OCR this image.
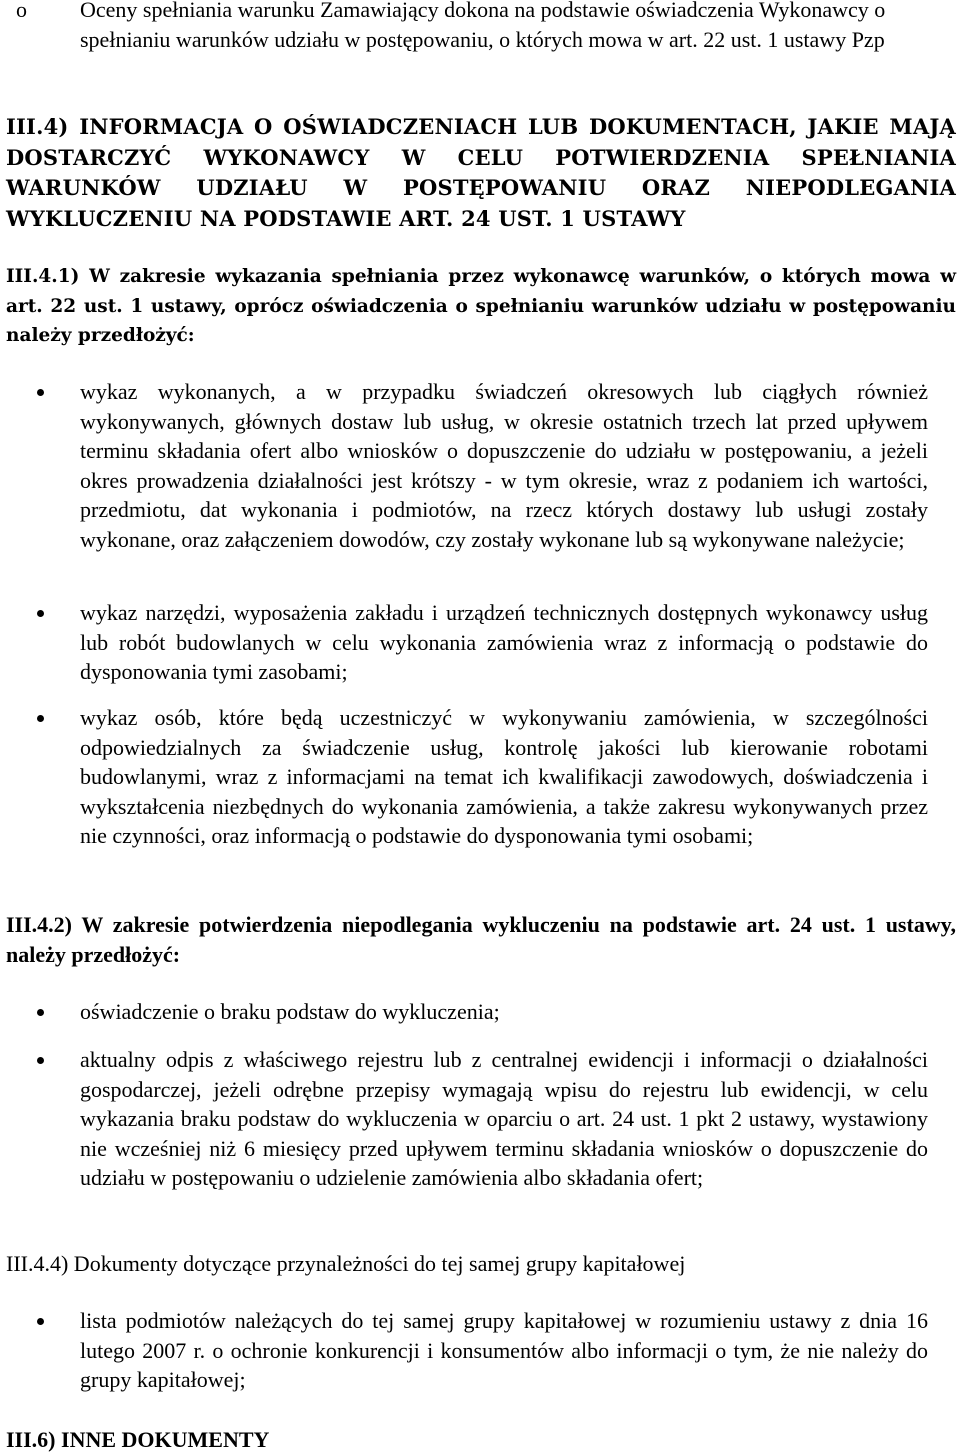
o Oceny spełniania warunku Zamawiający dokona na podstawie oświadczenia Wykonawcy o spełnianiu warunków udziału w postępowaniu, o których mowa w art. 22 ust. 1 ustawy Pzp

III.4) INFORMACJA O OŚWIADCZENIACH LUB DOKUMENTACH, JAKIE MAJĄ DOSTARCZYĆ WYKONAWCY W CELU POTWIERDZENIA SPEŁNIANIA WARUNKÓW UDZIAŁU W POSTĘPOWANIU ORAZ NIEPODLEGANIA WYKLUCZENIU NA PODSTAWIE ART. 24 UST. 1 USTAWY

III.4.1) W zakresie wykazania spełniania przez wykonawcę warunków, o których mowa w art. 22 ust. 1 ustawy, oprócz oświadczenia o spełnianiu warunków udziału w postępowaniu należy przedłożyć:

wykaz wykonanych, a w przypadku świadczeń okresowych lub ciągłych również wykonywanych, głównych dostaw lub usług, w okresie ostatnich trzech lat przed upływem terminu składania ofert albo wniosków o dopuszczenie do udziału w postępowaniu, a jeżeli okres prowadzenia działalności jest krótszy - w tym okresie, wraz z podaniem ich wartości, przedmiotu, dat wykonania i podmiotów, na rzecz których dostawy lub usługi zostały wykonane, oraz załączeniem dowodów, czy zostały wykonane lub są wykonywane należycie;

wykaz narzędzi, wyposażenia zakładu i urządzeń technicznych dostępnych wykonawcy usług lub robót budowlanych w celu wykonania zamówienia wraz z informacją o podstawie do dysponowania tymi zasobami;

wykaz osób, które będą uczestniczyć w wykonywaniu zamówienia, w szczególności odpowiedzialnych za świadczenie usług, kontrolę jakości lub kierowanie robotami budowlanymi, wraz z informacjami na temat ich kwalifikacji zawodowych, doświadczenia i wykształcenia niezbędnych do wykonania zamówienia, a także zakresu wykonywanych przez nie czynności, oraz informacją o podstawie do dysponowania tymi osobami;

III.4.2) W zakresie potwierdzenia niepodlegania wykluczeniu na podstawie art. 24 ust. 1 ustawy, należy przedłożyć:

oświadczenie o braku podstaw do wykluczenia;

aktualny odpis z właściwego rejestru lub z centralnej ewidencji i informacji o działalności gospodarczej, jeżeli odrębne przepisy wymagają wpisu do rejestru lub ewidencji, w celu wykazania braku podstaw do wykluczenia w oparciu o art. 24 ust. 1 pkt 2 ustawy, wystawiony nie wcześniej niż 6 miesięcy przed upływem terminu składania wniosków o dopuszczenie do udziału w postępowaniu o udzielenie zamówienia albo składania ofert;

III.4.4) Dokumenty dotyczące przynależności do tej samej grupy kapitałowej

lista podmiotów należących do tej samej grupy kapitałowej w rozumieniu ustawy z dnia 16 lutego 2007 r. o ochronie konkurencji i konsumentów albo informacji o tym, że nie należy do grupy kapitałowej;

III.6) INNE DOKUMENTY
